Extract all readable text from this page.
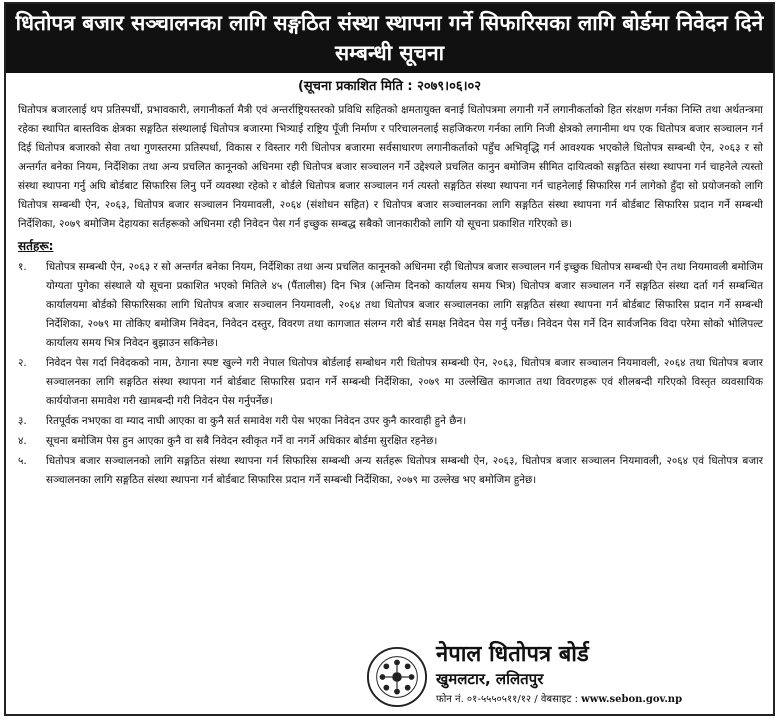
धितोपत्र बजार सञ्चालनका लागि सङ्गठित संस्था स्थापना गर्ने सिफारिसका लागि बोर्डमा निवेदन दिने सम्बन्धी सूचना
(सूचना प्रकाशित मिति : २०७९।०६।०२

धितोपत्र बजारलाई थप प्रतिस्पर्धी, प्रभावकारी, लगानीकर्ता मैत्री एवं अन्तर्राष्ट्रियस्तरको प्रविधि सहितको क्षमतायुक्त बनाई धितोपत्रमा लगानी गर्ने लगानीकर्ताको हित संरक्षण गर्नका निम्ति तथा अर्थतन्त्रमा रहेका स्थापित बास्तविक क्षेत्रका सङ्गठित संस्थालाई धितोपत्र बजारमा भित्र्याई राष्ट्रिय पूँजी निर्माण र परिचालनलाई सहजिकरण गर्नका लागि निजी क्षेत्रको लगानीमा थप एक धितोपत्र बजार सञ्चालन गर्न दिई धितोपत्र बजारको सेवा तथा गुणस्तरमा प्रतिस्पर्धा, विकास र विस्तार गरी धितोपत्र बजारमा सर्वसाधारण लगानीकर्ताको पहुँच अभिवृद्धि गर्न आवश्यक भएकोले धितोपत्र सम्बन्धी ऐन, २०६३ र सो अन्तर्गत बनेका नियम, निर्देशिका तथा अन्य प्रचलित कानूनको अधिनमा रही धितोपत्र बजार सञ्चालन गर्ने उद्देश्यले प्रचलित कानुन बमोजिम सीमित दायित्वको सङ्गठित संस्था स्थापना गर्न चाहनेले त्यस्तो संस्था स्थापना गर्नु अघि बोर्डबाट सिफारिस लिनु पर्ने व्यवस्था रहेको र बोर्डले धितोपत्र बजार सञ्चालन गर्न त्यस्तो सङ्गठित संस्था स्थापना गर्न चाहनेलाई सिफारिस गर्न लागेको हुँदा सो प्रयोजनको लागि धितोपत्र सम्बन्धी ऐन, २०६३, धितोपत्र बजार सञ्चालन नियमावली, २०६४ (संशोधन सहित) र धितोपत्र बजार सञ्चालनका लागि सङ्गठित संस्था स्थापना गर्न बोर्डबाट सिफारिस प्रदान गर्ने सम्बन्धी निर्देशिका, २०७९ बमोजिम देहायका सर्तहरूको अधिनमा रही निवेदन पेस गर्न इच्छुक सम्बद्ध सबैको जानकारीको लागि यो सूचना प्रकाशित गरिएको छ।

सर्तहरू:
१.	धितोपत्र सम्बन्धी ऐन, २०६३ र सो अन्तर्गत बनेका नियम, निर्देशिका तथा अन्य प्रचलित कानूनको अधिनमा रही धितोपत्र बजार सञ्चालन गर्न इच्छुक धितोपत्र सम्बन्धी ऐन तथा नियमावली बमोजिम योग्यता पुगेका संस्थाले यो सूचना प्रकाशित भएको मितिले ४५ (पैंतालीस) दिन भित्र (अन्तिम दिनको कार्यालय समय भित्र) धितोपत्र बजार सञ्चालन गर्ने सङ्गठित संस्था दर्ता गर्न सम्बन्धित कार्यालयमा बोर्डको सिफारिसका लागि धितोपत्र बजार सञ्चालन नियमावली, २०६४ तथा धितोपत्र बजार सञ्चालनका लागि सङ्गठित संस्था स्थापना गर्न बोर्डबाट सिफारिस प्रदान गर्ने सम्बन्धी निर्देशिका, २०७९ मा तोकिए बमोजिम निवेदन, निवेदन दस्तुर, विवरण तथा कागजात संलग्न गरी बोर्ड समक्ष निवेदन पेस गर्नु पर्नेछ। निवेदन पेस गर्ने दिन सार्वजनिक विदा परेमा सोको भोलिपल्ट कार्यालय समय भित्र निवेदन बुझाउन सकिनेछ।
२.	निवेदन पेस गर्दा निवेदकको नाम, ठेगाना स्पष्ट खुल्ने गरी नेपाल धितोपत्र बोर्डलाई सम्बोधन गरी धितोपत्र सम्बन्धी ऐन, २०६३, धितोपत्र बजार सञ्चालन नियमावली, २०६४ तथा धितोपत्र बजार सञ्चालनका लागि सङ्गठित संस्था स्थापना गर्न बोर्डबाट सिफारिस प्रदान गर्ने सम्बन्धी निर्देशिका, २०७९ मा उल्लेखित कागजात तथा विवरणहरू एवं शीलबन्दी गरिएको विस्तृत व्यवसायिक कार्ययोजना समावेश गरी खामबन्दी गरी निवेदन पेस गर्नुपर्नेछ।
३.	रितपूर्वक नभएका वा म्याद नाघी आएका वा कुनै सर्त समावेश गरी पेस भएका निवेदन उपर कुनै कारवाही हुने छैन।
४.	सूचना बमोजिम पेस हुन आएका कुनै वा सबै निवेदन स्वीकृत गर्ने वा नगर्ने अधिकार बोर्डमा सुरक्षित रहनेछ।
५.	धितोपत्र बजार सञ्चालनको लागि सङ्गठित संस्था स्थापना गर्न सिफारिस सम्बन्धी अन्य सर्तहरू धितोपत्र सम्बन्धी ऐन, २०६३, धितोपत्र बजार सञ्चालन नियमावली, २०६४ एवं धितोपत्र बजार सञ्चालनका लागि सङ्गठित संस्था स्थापना गर्न बोर्डबाट सिफारिस प्रदान गर्ने सम्बन्धी निर्देशिका, २०७९ मा उल्लेख भए बमोजिम हुनेछ।
नेपाल धितोपत्र बोर्ड
खुमलटार, ललितपुर
फोन नं. ०१-५५५०५११/१२ / वेबसाइट : www.sebon.gov.np
